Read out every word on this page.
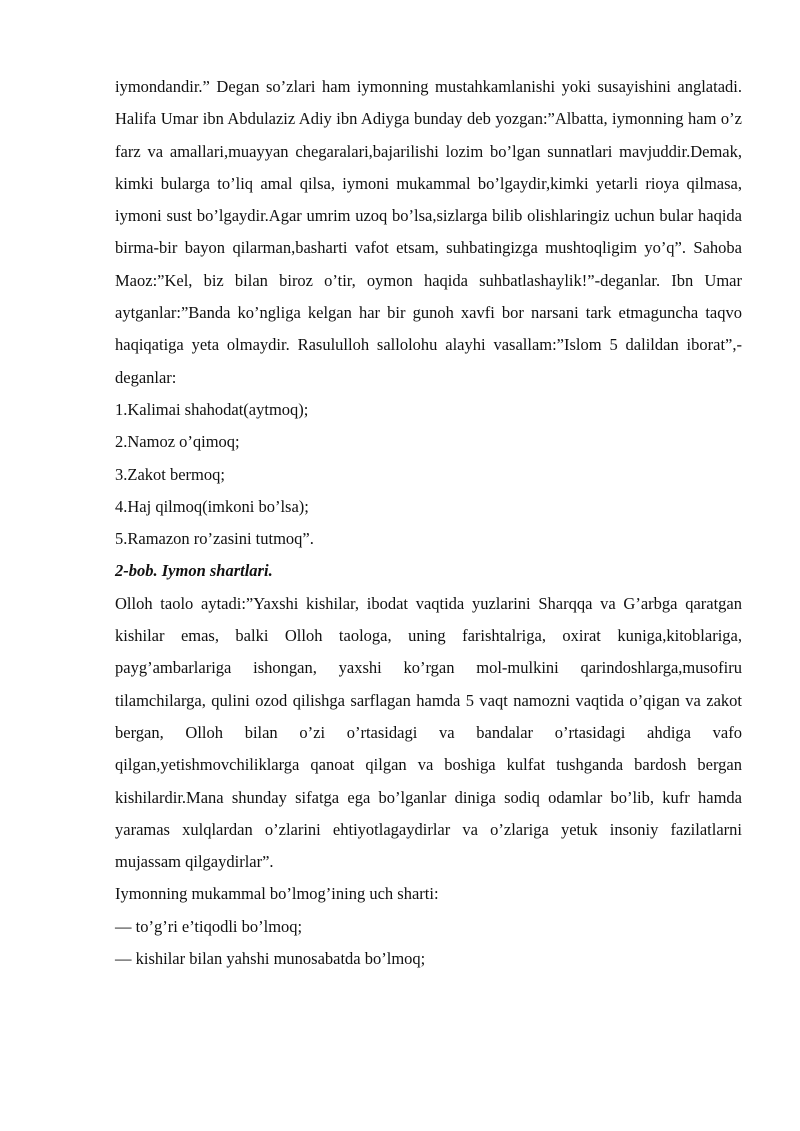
iymondandir.” Degan so’zlari ham iymonning mustahkamlanishi yoki susayishini anglatadi. Halifa Umar ibn Abdulaziz Adiy ibn Adiyga bunday deb yozgan:”Albatta, iymonning ham o’z farz va amallari,muayyan chegaralari,bajarilishi lozim bo’lgan sunnatlari mavjuddir.Demak, kimki bularga to’liq amal qilsa, iymoni mukammal bo’lgaydir,kimki yetarli rioya qilmasa, iymoni sust bo’lgaydir.Agar umrim uzoq bo’lsa,sizlarga bilib olishlaringiz uchun bular haqida birma-bir bayon qilarman,basharti vafot etsam, suhbatingizga mushtoqligim yo’q”. Sahoba Maoz:”Kel, biz bilan biroz o’tir, oymon haqida suhbatlashaylik!”-deganlar. Ibn Umar aytganlar:”Banda ko’ngliga kelgan har bir gunoh xavfi bor narsani tark etmaguncha taqvo haqiqatiga yeta olmaydir. Rasululloh sallolohu alayhi vasallam:”Islom 5 dalildan iborat”,-deganlar:

1.Kalimai shahodat(aytmoq);

2.Namoz o’qimoq;

3.Zakot bermoq;

4.Haj qilmoq(imkoni bo’lsa);

5.Ramazon ro’zasini tutmoq”.

2-bob. Iymon shartlari.

Olloh taolo aytadi:”Yaxshi kishilar, ibodat vaqtida yuzlarini Sharqqa va G’arbga qaratgan kishilar emas, balki Olloh taologa, uning farishtalriga, oxirat kuniga,kitoblariga, payg’ambarlariga ishongan, yaxshi ko’rgan mol-mulkini qarindoshlarga,musofiru tilamchilarga, qulini ozod qilishga sarflagan hamda 5 vaqt namozni vaqtida o’qigan va zakot bergan, Olloh bilan o’zi o’rtasidagi va bandalar o’rtasidagi ahdiga vafo qilgan,yetishmovchiliklarga qanoat qilgan va boshiga kulfat tushganda bardosh bergan kishilardir.Mana shunday sifatga ega bo’lganlar diniga sodiq odamlar bo’lib, kufr hamda yaramas xulqlardan o’zlarini ehtiyotlagaydirlar va o’zlariga yetuk insoniy fazilatlarni mujassam qilgaydirlar”.

Iymonning mukammal bo’lmog’ining uch sharti:

— to’g’ri e’tiqodli bo’lmoq;

— kishilar bilan yahshi munosabatda bo’lmoq;
